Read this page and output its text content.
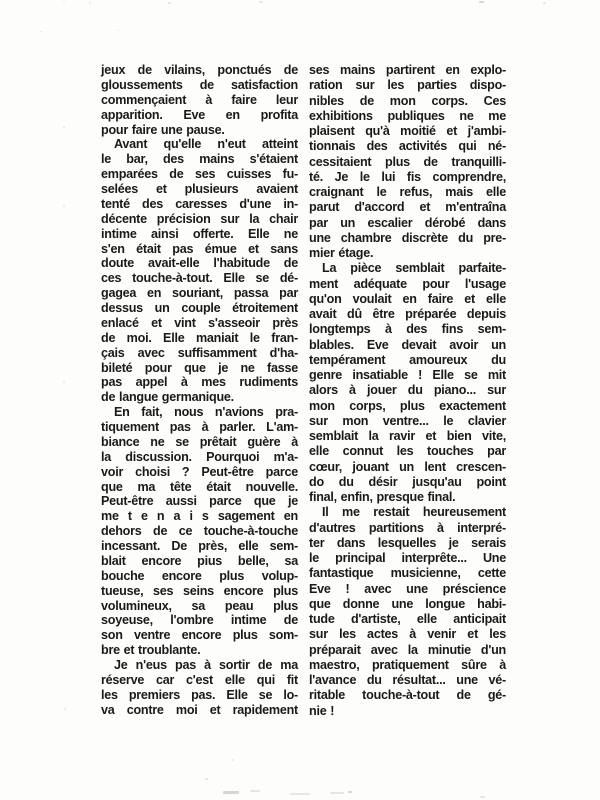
jeux de vilains, ponctués de
gloussements de satisfaction
commençaient à faire leur
apparition. Eve en profita
pour faire une pause.
Avant qu'elle n'eut atteint
le bar, des mains s'étaient
emparées de ses cuisses fu-
selées et plusieurs avaient
tenté des caresses d'une in-
décente précision sur la chair
intime ainsi offerte. Elle ne
s'en était pas émue et sans
doute avait-elle l'habitude de
ces touche-à-tout. Elle se dé-
gagea en souriant, passa par
dessus un couple étroitement
enlacé et vint s'asseoir près
de moi. Elle maniait le fran-
çais avec suffisamment d'ha-
bileté pour que je ne fasse
pas appel à mes rudiments
de langue germanique.
En fait, nous n'avions pra-
tiquement pas à parler. L'am-
biance ne se prêtait guère à
la discussion. Pourquoi m'a-
voir choisi ? Peut-être parce
que ma tête était nouvelle.
Peut-être aussi parce que je
me t e n a i s sagement en
dehors de ce touche-à-touche
incessant. De près, elle sem-
blait encore pius belle, sa
bouche encore plus volup-
tueuse, ses seins encore plus
volumineux, sa peau plus
soyeuse, l'ombre intime de
son ventre encore plus som-
bre et troublante.
Je n'eus pas à sortir de ma
réserve car c'est elle qui fit
les premiers pas. Elle se lo-
va contre moi et rapidement
ses mains partirent en explo-
ration sur les parties dispo-
nibles de mon corps. Ces
exhibitions publiques ne me
plaisent qu'à moitié et j'ambi-
tionnais des activités qui né-
cessitaient plus de tranquilli-
té. Je le lui fis comprendre,
craignant le refus, mais elle
parut d'accord et m'entraîna
par un escalier dérobé dans
une chambre discrète du pre-
mier étage.
La pièce semblait parfaite-
ment adéquate pour l'usage
qu'on voulait en faire et elle
avait dû être préparée depuis
longtemps à des fins sem-
blables. Eve devait avoir un
tempérament amoureux du
genre insatiable ! Elle se mit
alors à jouer du piano... sur
mon corps, plus exactement
sur mon ventre... le clavier
semblait la ravir et bien vite,
elle connut les touches par
cœur, jouant un lent crescen-
do du désir jusqu'au point
final, enfin, presque final.
Il me restait heureusement
d'autres partitions à interpré-
ter dans lesquelles je serais
le principal interprête... Une
fantastique musicienne, cette
Eve ! avec une préscience
que donne une longue habi-
tude d'artiste, elle anticipait
sur les actes à venir et les
préparait avec la minutie d'un
maestro, pratiquement sûre à
l'avance du résultat... une vé-
ritable touche-à-tout de gé-
nie !
